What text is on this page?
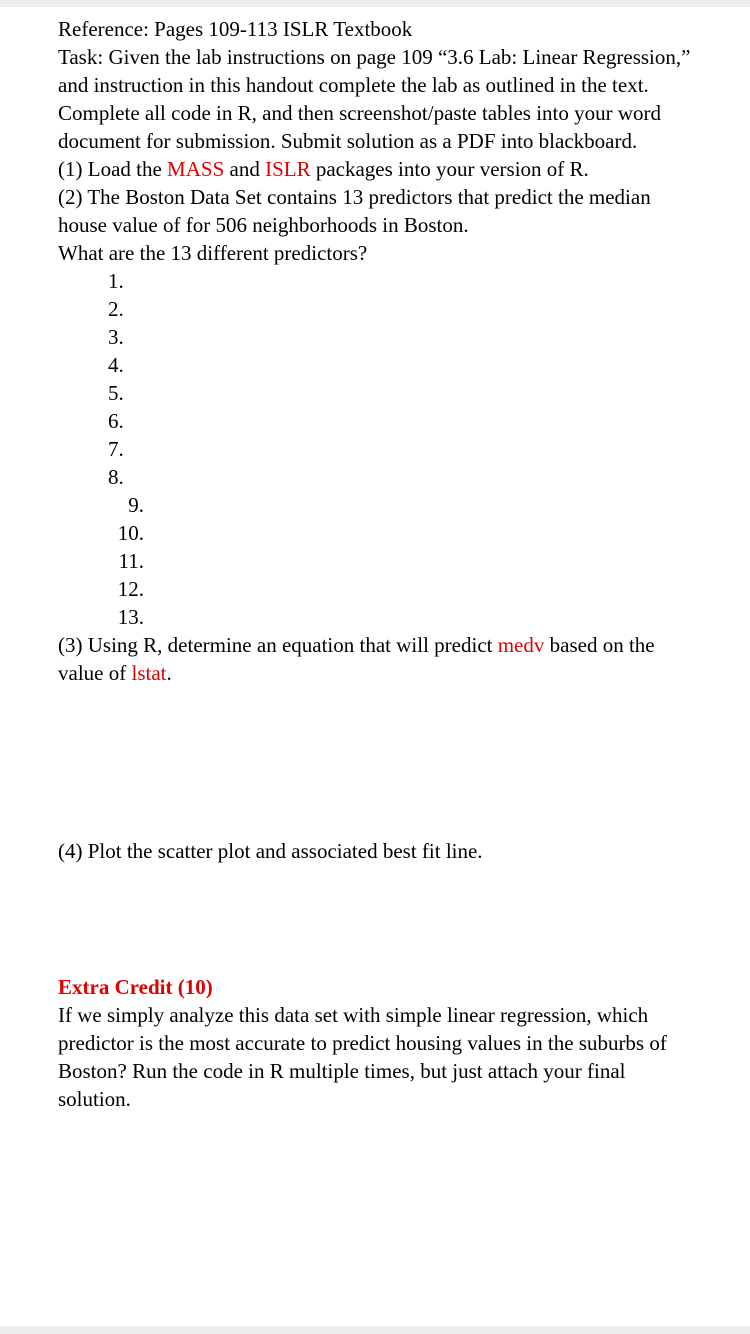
Reference: Pages 109-113 ISLR Textbook

Task: Given the lab instructions on page 109 “3.6 Lab: Linear Regression,” and instruction in this handout complete the lab as outlined in the text. Complete all code in R, and then screenshot/paste tables into your word document for submission. Submit solution as a PDF into blackboard.

(1) Load the MASS and ISLR packages into your version of R.

(2) The Boston Data Set contains 13 predictors that predict the median house value of for 506 neighborhoods in Boston.

What are the 13 different predictors?

1.
2.
3.
4.
5.
6.
7.
8.
9.
10.
11.
12.
13.

(3) Using R, determine an equation that will predict medv based on the value of lstat.

(4) Plot the scatter plot and associated best fit line.

Extra Credit (10)

If we simply analyze this data set with simple linear regression, which predictor is the most accurate to predict housing values in the suburbs of Boston? Run the code in R multiple times, but just attach your final solution.
